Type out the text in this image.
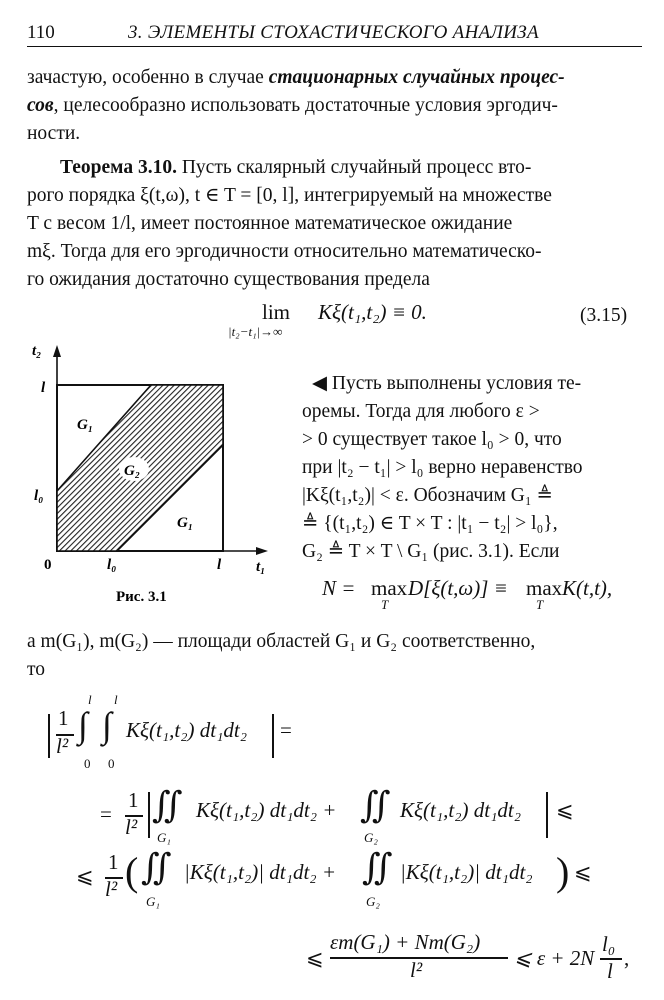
110	3. ЭЛЕМЕНТЫ СТОХАСТИЧЕСКОГО АНАЛИЗА
зачастую, особенно в случае стационарных случайных процес-
сов, целесообразно использовать достаточные условия эргодич-
ности.
Теорема 3.10. Пусть скалярный случайный процесс вто-
рого порядка ξ(t,ω), t ∈ T = [0, l], интегрируемый на множестве
T с весом 1/l, имеет постоянное математическое ожидание
mξ. Тогда для его эргодичности относительно математическо-
го ожидания достаточно существования предела
lim
|t₂−t₁|→∞
Kξ(t₁,t₂) ≡ 0.	(3.15)
G₂
G₁
G₁
t₂
t₁
l
l₀
0	l₀	l
Рис. 3.1
◀ Пусть выполнены условия те-
оремы. Тогда для любого ε >
> 0 существует такое l₀ > 0, что
при |t₂ − t₁| > l₀ верно неравенство
|Kξ(t₁,t₂)| < ε. Обозначим G₁ ≜
≜ {(t₁,t₂) ∈ T × T : |t₁ − t₂| > l₀},
G₂ ≜ T × T \ G₁ (рис. 3.1). Если
N = max
T
D[ξ(t,ω)] ≡ max
T
K(t,t),
а m(G₁), m(G₂) — площади областей G₁ и G₂ соответственно,
то
1
l²
l
∫
0
l
∫
0
Kξ(t₁,t₂) dt₁dt₂ =
=
1
l²
∬
G₁
Kξ(t₁,t₂) dt₁dt₂ + ∬
G₂
Kξ(t₁,t₂) dt₁dt₂ ⩽
⩽
1
l² ( ∬
G₁
|Kξ(t₁,t₂)| dt₁dt₂ + ∬
G₂
|Kξ(t₁,t₂)| dt₁dt₂ ) ⩽
⩽
εm(G₁) + Nm(G₂)
l²	⩽ ε + 2N
l₀
l
,
